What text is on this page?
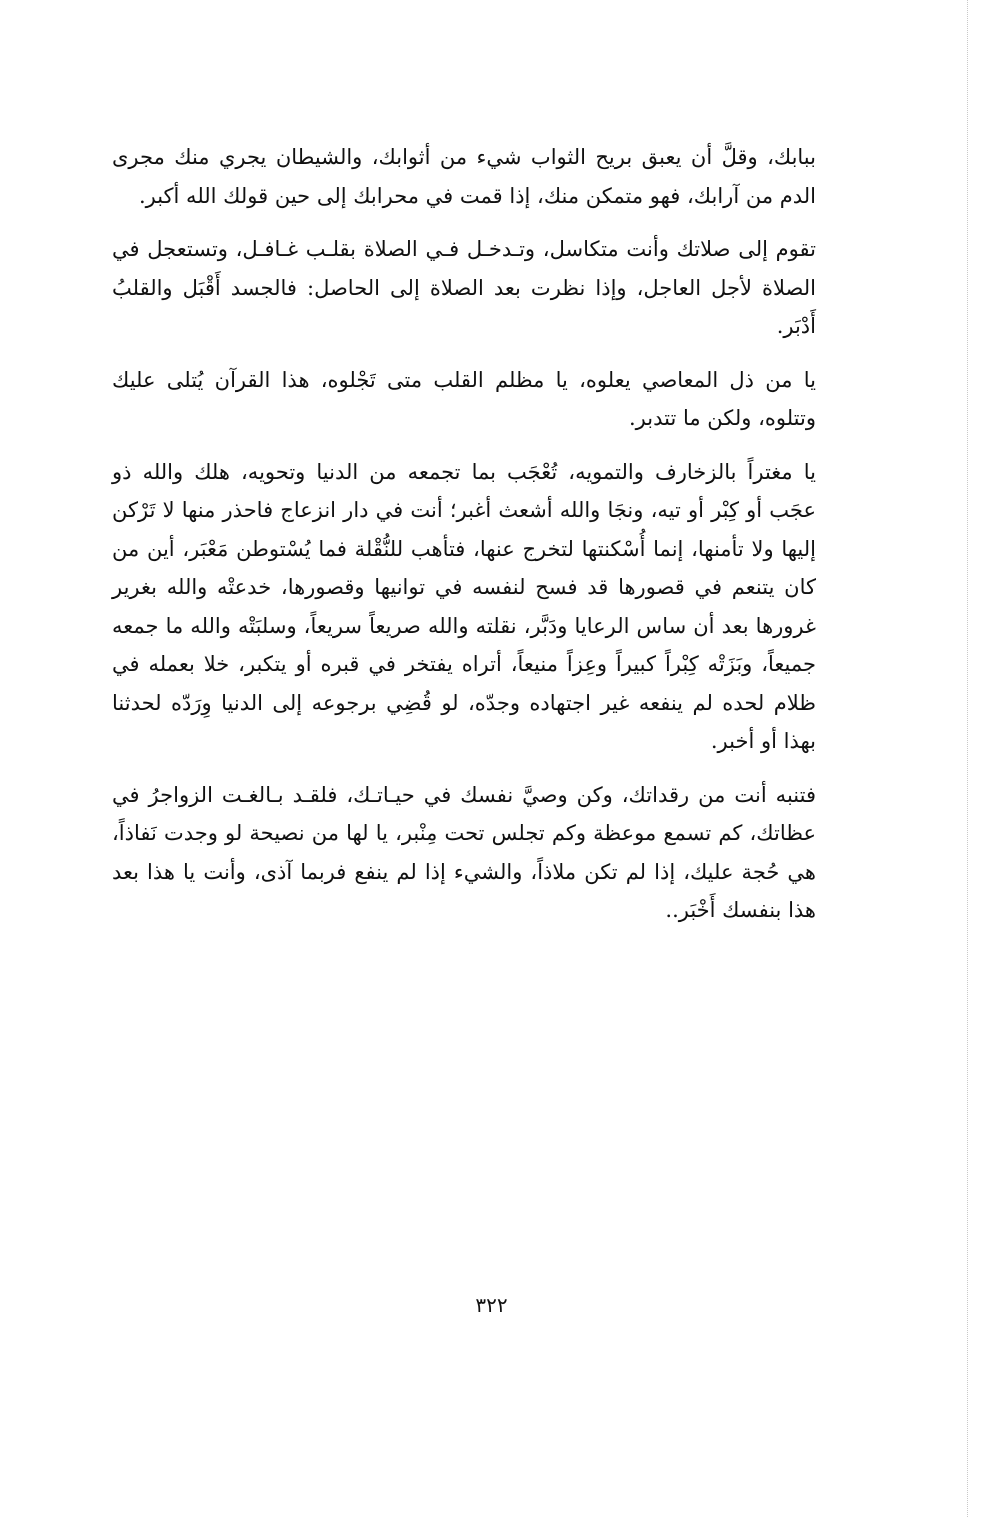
ببابك، وقلَّ أن يعبق بريح الثواب شيء من أثوابك، والشيطان يجري منك مجرى الدم من آرابك، فهو متمكن منك، إذا قمت في محرابك إلى حين قولك الله أكبر.

تقوم إلى صلاتك وأنت متكاسل، وتـدخـل فـي الصلاة بقلـب غـافـل، وتستعجل في الصلاة لأجل العاجل، وإذا نظرت بعد الصلاة إلى الحاصل: فالجسد أَقْبَل والقلبُ أَدْبَر.

يا من ذل المعاصي يعلوه، يا مظلم القلب متى تَجْلوه، هذا القرآن يُتلى عليك وتتلوه، ولكن ما تتدبر.

يا مغتراً بالزخارف والتمويه، تُعْجَب بما تجمعه من الدنيا وتحويه، هلك والله ذو عجَب أو كِبْر أو تيه، ونجَا والله أشعث أغبر؛ أنت في دار انزعاج فاحذر منها لا تَرْكن إليها ولا تأمنها، إنما أُسْكنتها لتخرج عنها، فتأهب للنُّقْلة فما يُسْتوطن مَعْبَر، أين من كان يتنعم في قصورها قد فسح لنفسه في توانيها وقصورها، خدعتْه والله بغرير غرورها بعد أن ساس الرعايا ودَبَّر، نقلته والله صريعاً سريعاً، وسلبَتْه والله ما جمعه جميعاً، وبَزَتْه كِبْراً كبيراً وعِزاً منيعاً، أتراه يفتخر في قبره أو يتكبر، خلا بعمله في ظلام لحده لم ينفعه غير اجتهاده وجدّه، لو قُضِي برجوعه إلى الدنيا وِرَدّه لحدثنا بهذا أو أخبر.

فتنبه أنت من رقداتك، وكن وصيَّ نفسك في حيـاتـك، فلقـد بـالغـت الزواجرُ في عظاتك، كم تسمع موعظة وكم تجلس تحت مِنْبر، يا لها من نصيحة لو وجدت نَفاذاً، هي حُجة عليك، إذا لم تكن ملاذاً، والشيء إذا لم ينفع فربما آذى، وأنت يا هذا بعد هذا بنفسك أَخْبَر..

٣٢٢
